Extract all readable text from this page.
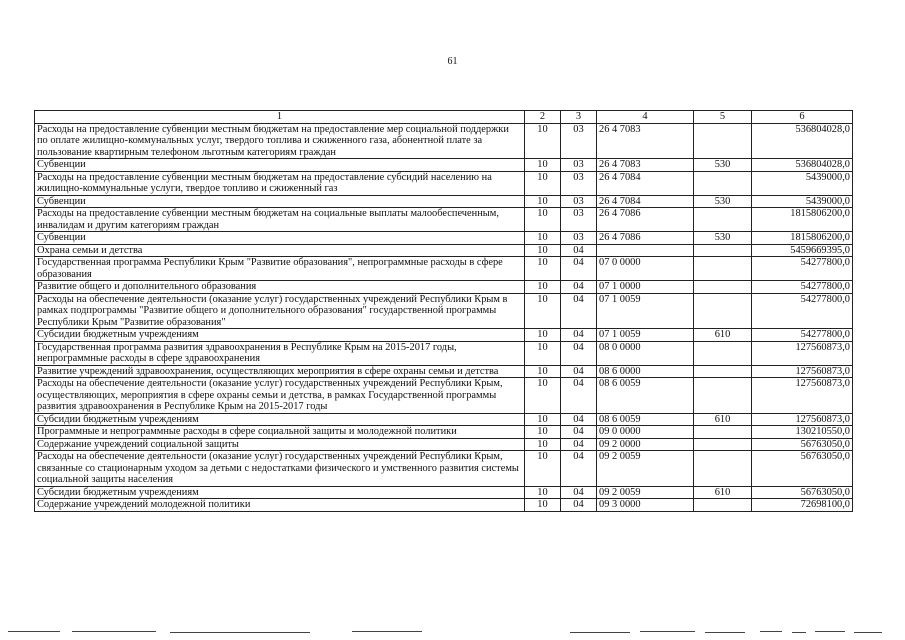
61
1	2	3	4	5	6
Расходы на предоставление субвенции местным бюджетам на предоставление мер социальной поддержки по оплате жилищно-коммунальных услуг, твердого топлива и сжиженного газа, абонентной плате за пользование квартирным телефоном льготным категориям граждан	10	03	26 4 7083		536804028,0
Субвенции	10	03	26 4 7083	530	536804028,0
Расходы на предоставление субвенции местным бюджетам на предоставление субсидий населению на жилищно-коммунальные услуги, твердое топливо и сжиженный газ	10	03	26 4 7084		5439000,0
Субвенции	10	03	26 4 7084	530	5439000,0
Расходы на предоставление субвенции местным бюджетам на социальные выплаты малообеспеченным, инвалидам и другим категориям граждан	10	03	26 4 7086		1815806200,0
Субвенции	10	03	26 4 7086	530	1815806200,0
Охрана семьи и детства	10	04			5459669395,0
Государственная программа Республики Крым "Развитие образования", непрограммные расходы в сфере образования	10	04	07 0 0000		54277800,0
Развитие общего и дополнительного образования	10	04	07 1 0000		54277800,0
Расходы на обеспечение деятельности (оказание услуг) государственных учреждений Республики Крым в рамках подпрограммы "Развитие общего и дополнительного образования" государственной программы Республики Крым "Развитие образования"	10	04	07 1 0059		54277800,0
Субсидии бюджетным учреждениям	10	04	07 1 0059	610	54277800,0
Государственная программа развития здравоохранения в Республике Крым на 2015-2017 годы, непрограммные расходы в сфере здравоохранения	10	04	08 0 0000		127560873,0
Развитие учреждений здравоохранения, осуществляющих мероприятия в сфере охраны семьи и детства	10	04	08 6 0000		127560873,0
Расходы на обеспечение деятельности (оказание услуг) государственных учреждений Республики Крым, осуществляющих, мероприятия в сфере охраны семьи и детства, в рамках Государственной программы развития здравоохранения в Республике Крым на 2015-2017 годы	10	04	08 6 0059		127560873,0
Субсидии бюджетным учреждениям	10	04	08 6 0059	610	127560873,0
Программные и непрограммные расходы в сфере социальной защиты и молодежной политики	10	04	09 0 0000		130210550,0
Содержание учреждений социальной защиты	10	04	09 2 0000		56763050,0
Расходы на обеспечение деятельности (оказание услуг) государственных учреждений Республики Крым, связанные со стационарным уходом за детьми с недостатками физического и умственного развития системы социальной защиты населения	10	04	09 2 0059		56763050,0
Субсидии бюджетным учреждениям	10	04	09 2 0059	610	56763050,0
Содержание учреждений молодежной политики	10	04	09 3 0000		72698100,0
